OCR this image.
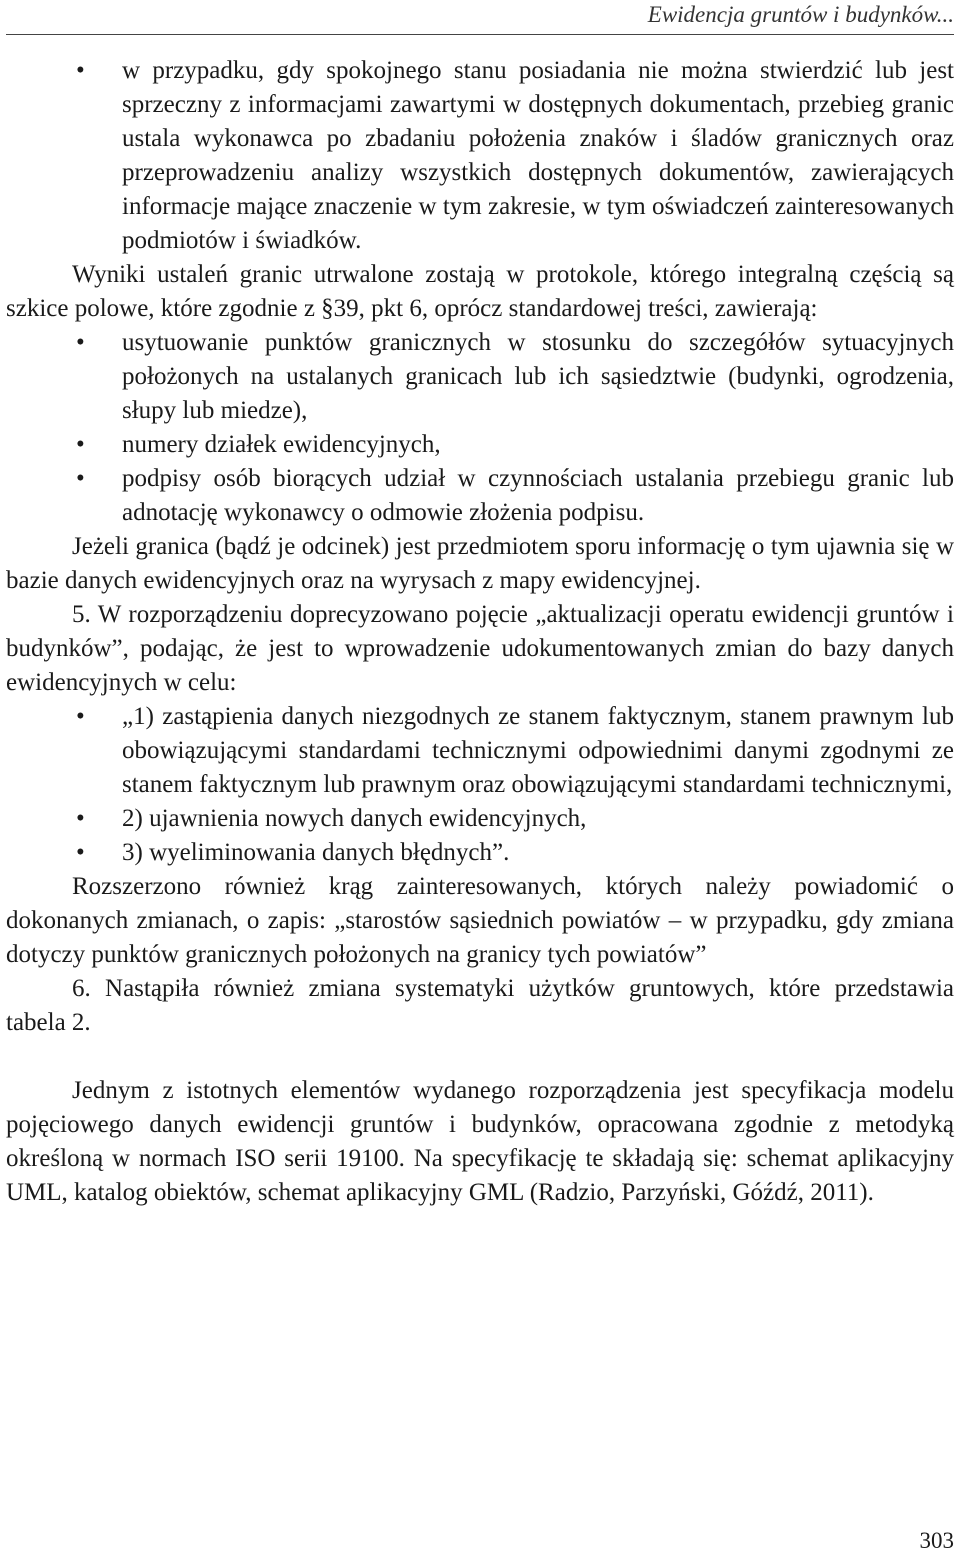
Ewidencja gruntów i budynków...
• w przypadku, gdy spokojnego stanu posiadania nie można stwierdzić lub jest sprzeczny z informacjami zawartymi w dostępnych dokumentach, przebieg granic ustala wykonawca po zbadaniu położenia znaków i śladów granicznych oraz przeprowadzeniu analizy wszystkich dostępnych dokumentów, zawierających informacje mające znaczenie w tym zakresie, w tym oświadczeń zainteresowanych podmiotów i świadków.

Wyniki ustaleń granic utrwalone zostają w protokole, którego integralną częścią są szkice polowe, które zgodnie z §39, pkt 6, oprócz standardowej treści, zawierają:

• usytuowanie punktów granicznych w stosunku do szczegółów sytuacyjnych położonych na ustalanych granicach lub ich sąsiedztwie (budynki, ogrodzenia, słupy lub miedze),
• numery działek ewidencyjnych,
• podpisy osób biorących udział w czynnościach ustalania przebiegu granic lub adnotację wykonawcy o odmowie złożenia podpisu.

Jeżeli granica (bądź je odcinek) jest przedmiotem sporu informację o tym ujawnia się w bazie danych ewidencyjnych oraz na wyrysach z mapy ewidencyjnej.

5. W rozporządzeniu doprecyzowano pojęcie „aktualizacji operatu ewidencji gruntów i budynków”, podając, że jest to wprowadzenie udokumentowanych zmian do bazy danych ewidencyjnych w celu:

• „1) zastąpienia danych niezgodnych ze stanem faktycznym, stanem prawnym lub obowiązującymi standardami technicznymi odpowiednimi danymi zgodnymi ze stanem faktycznym lub prawnym oraz obowiązującymi standardami technicznymi,
• 2) ujawnienia nowych danych ewidencyjnych,
• 3) wyeliminowania danych błędnych”.

Rozszerzono również krąg zainteresowanych, których należy powiadomić o dokonanych zmianach, o zapis: „starostów sąsiednich powiatów – w przypadku, gdy zmiana dotyczy punktów granicznych położonych na granicy tych powiatów”

6. Nastąpiła również zmiana systematyki użytków gruntowych, które przedstawia tabela 2.

Jednym z istotnych elementów wydanego rozporządzenia jest specyfikacja modelu pojęciowego danych ewidencji gruntów i budynków, opracowana zgodnie z metodyką określoną w normach ISO serii 19100. Na specyfikację te składają się: schemat aplikacyjny UML, katalog obiektów, schemat aplikacyjny GML (Radzio, Parzyński, Góźdź, 2011).

303
